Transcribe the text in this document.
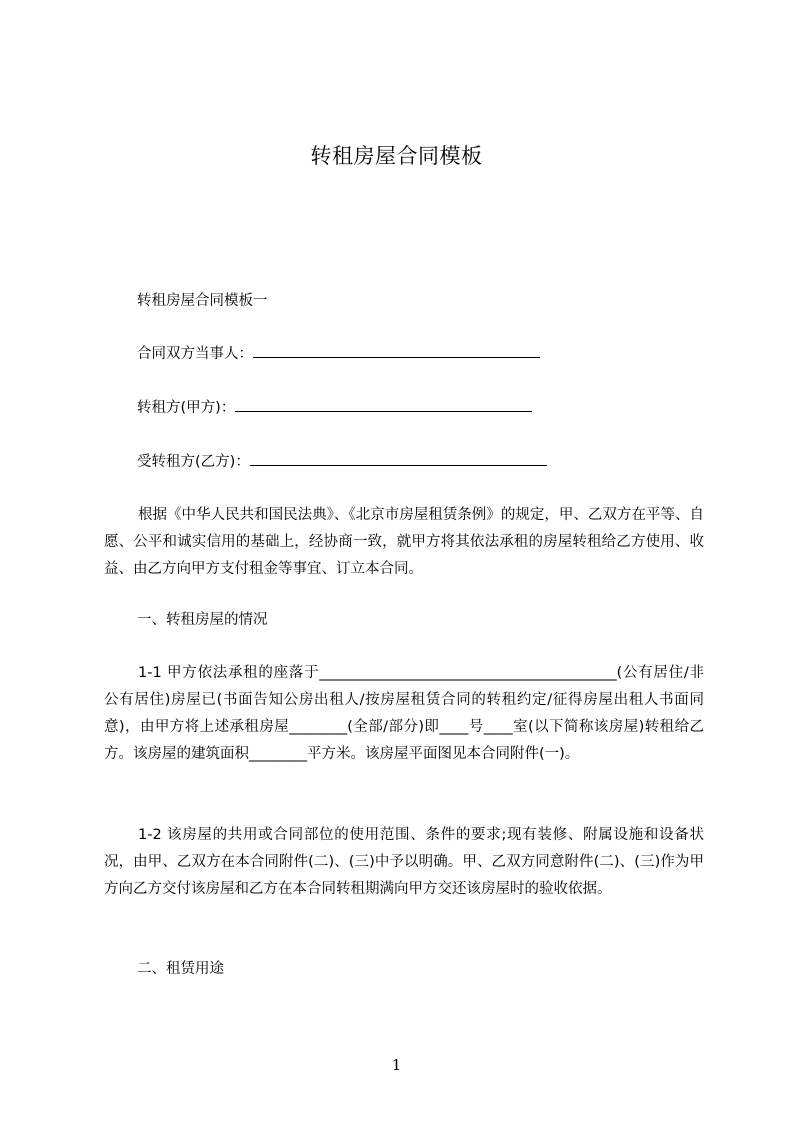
转租房屋合同模板
转租房屋合同模板一
合同双方当事人：
转租方(甲方)：
受转租方(乙方)：
根据《中华人民共和国民法典》、《北京市房屋租赁条例》的规定，甲、乙双方在平等、自愿、公平和诚实信用的基础上，经协商一致，就甲方将其依法承租的房屋转租给乙方使用、收益、由乙方向甲方支付租金等事宜、订立本合同。
一、转租房屋的情况
1-1 甲方依法承租的座落于_________________________________________(公有居住/非公有居住)房屋已(书面告知公房出租人/按房屋租赁合同的转租约定/征得房屋出租人书面同意)，由甲方将上述承租房屋________(全部/部分)即____号____室(以下简称该房屋)转租给乙方。该房屋的建筑面积________平方米。该房屋平面图见本合同附件(一)。
1-2 该房屋的共用或合同部位的使用范围、条件的要求;现有装修、附属设施和设备状况，由甲、乙双方在本合同附件(二)、(三)中予以明确。甲、乙双方同意附件(二)、(三)作为甲方向乙方交付该房屋和乙方在本合同转租期满向甲方交还该房屋时的验收依据。
二、租赁用途
1
